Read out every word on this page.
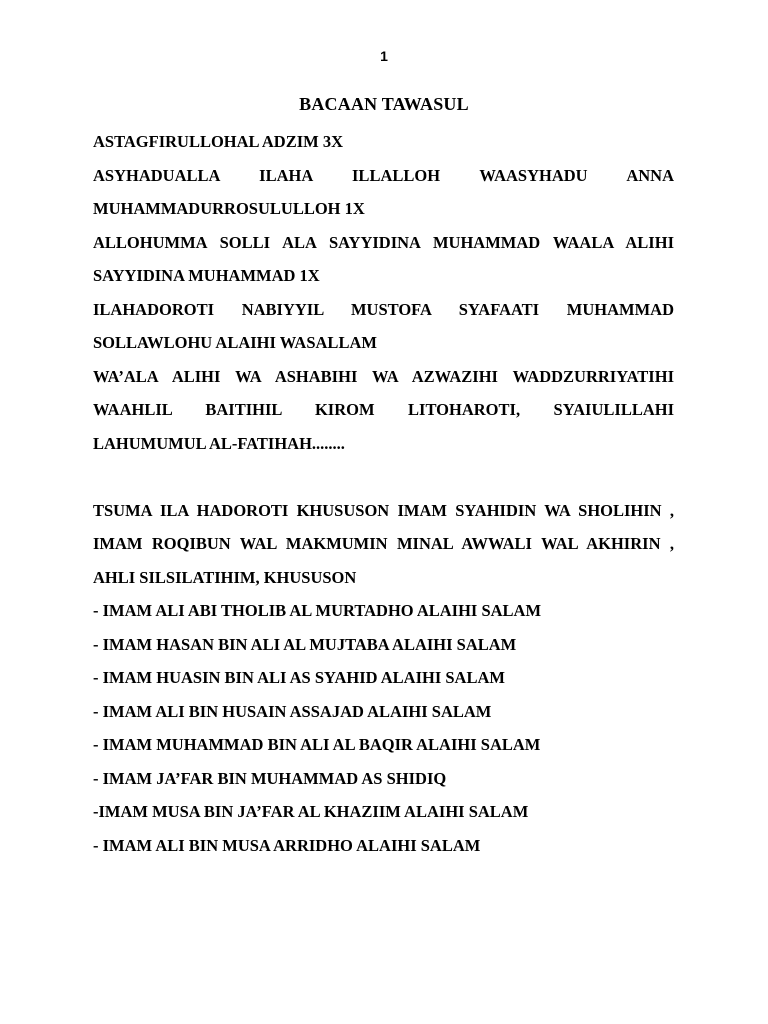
1
BACAAN TAWASUL

ASTAGFIRULLOHAL ADZIM 3X

ASYHADUALLA ILAHA ILLALLOH WAASYHADU ANNA MUHAMMADURROSULULLOH 1X

ALLOHUMMA SOLLI ALA SAYYIDINA MUHAMMAD WAALA ALIHI SAYYIDINA MUHAMMAD 1X

ILAHADOROTI NABIYYIL MUSTOFA SYAFAATI MUHAMMAD SOLLAWLOHU ALAIHI WASALLAM

WA’ALA ALIHI WA ASHABIHI WA AZWAZIHI WADDZURRIYATIHI WAAHLIL BAITIHIL KIROM LITOHAROTI, SYAIULILLAHI LAHUMUMUL AL-FATIHAH........

TSUMA ILA HADOROTI KHUSUSON IMAM SYAHIDIN WA SHOLIHIN , IMAM ROQIBUN WAL MAKMUMIN MINAL AWWALI WAL AKHIRIN , AHLI SILSILATIHIM, KHUSUSON

- IMAM ALI ABI THOLIB AL MURTADHO ALAIHI SALAM

- IMAM HASAN BIN ALI AL MUJTABA ALAIHI SALAM

- IMAM HUASIN BIN ALI AS SYAHID ALAIHI SALAM

- IMAM ALI BIN HUSAIN ASSAJAD ALAIHI SALAM

- IMAM MUHAMMAD BIN ALI AL BAQIR ALAIHI SALAM

- IMAM JA’FAR BIN MUHAMMAD AS SHIDIQ

-IMAM MUSA BIN JA’FAR AL KHAZIIM ALAIHI SALAM

- IMAM ALI BIN MUSA ARRIDHO ALAIHI SALAM
